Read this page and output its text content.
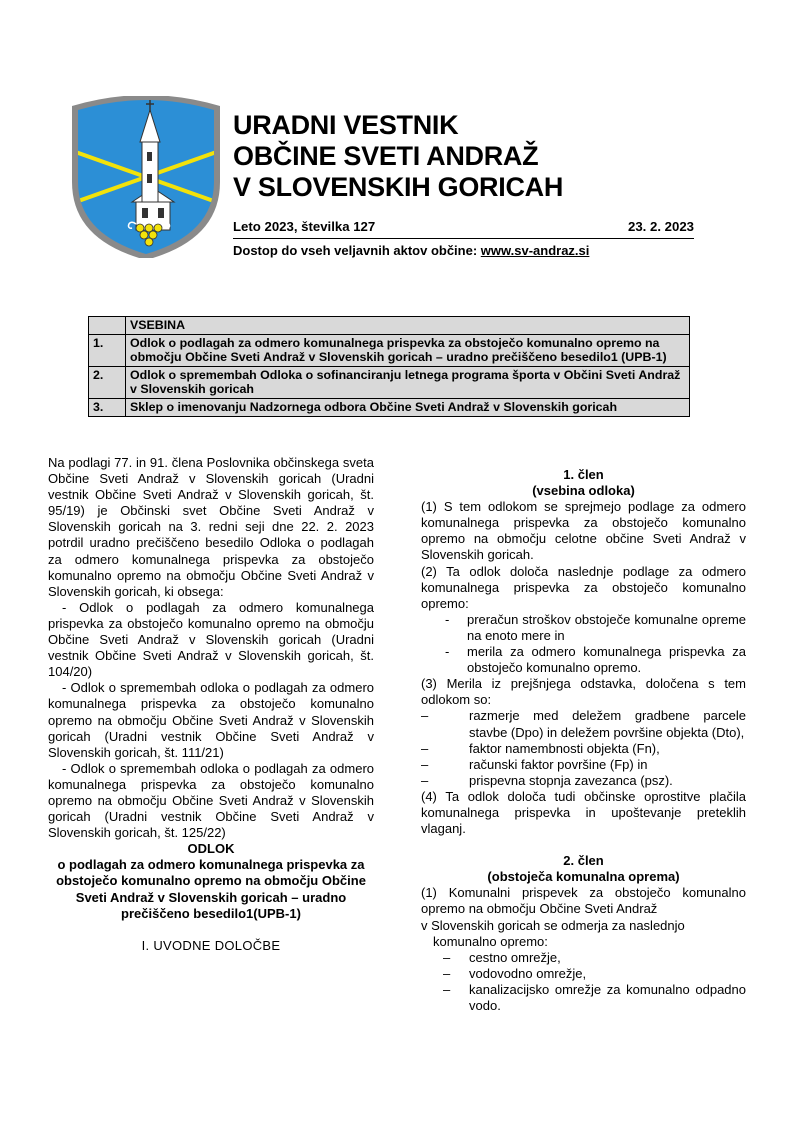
URADNI VESTNIK
OBČINE SVETI ANDRAŽ
V SLOVENSKIH GORICAH
Leto 2023, številka 127	23. 2. 2023
Dostop do vseh veljavnih aktov občine: www.sv-andraz.si
	VSEBINA
1.	Odlok o podlagah za odmero komunalnega prispevka za obstoječo komunalno opremo na območju Občine Sveti Andraž v Slovenskih goricah – uradno prečiščeno besedilo1 (UPB-1)
2.	Odlok o spremembah Odloka o sofinanciranju letnega programa športa v Občini Sveti Andraž v Slovenskih goricah
3.	Sklep o imenovanju Nadzornega odbora Občine Sveti Andraž v Slovenskih goricah

Na podlagi 77. in 91. člena Poslovnika občinskega sveta Občine Sveti Andraž v Slovenskih goricah (Uradni vestnik Občine Sveti Andraž v Slovenskih goricah, št. 95/19) je Občinski svet Občine Sveti Andraž v Slovenskih goricah na 3. redni seji dne 22. 2. 2023 potrdil uradno prečiščeno besedilo Odloka o podlagah za odmero komunalnega prispevka za obstoječo komunalno opremo na območju Občine Sveti Andraž v Slovenskih goricah, ki obsega:

- Odlok o podlagah za odmero komunalnega prispevka za obstoječo komunalno opremo na območju Občine Sveti Andraž v Slovenskih goricah (Uradni vestnik Občine Sveti Andraž v Slovenskih goricah, št. 104/20)

- Odlok o spremembah odloka o podlagah za odmero komunalnega prispevka za obstoječo komunalno opremo na območju Občine Sveti Andraž v Slovenskih goricah (Uradni vestnik Občine Sveti Andraž v Slovenskih goricah, št. 111/21)

- Odlok o spremembah odloka o podlagah za odmero komunalnega prispevka za obstoječo komunalno opremo na območju Občine Sveti Andraž v Slovenskih goricah (Uradni vestnik Občine Sveti Andraž v Slovenskih goricah, št. 125/22)

ODLOK

o podlagah za odmero komunalnega prispevka za obstoječo komunalno opremo na območju Občine Sveti Andraž v Slovenskih goricah – uradno prečiščeno besedilo1(UPB-1)

I. UVODNE DOLOČBE

1. člen

(vsebina odloka)

(1) S tem odlokom se sprejmejo podlage za odmero komunalnega prispevka za obstoječo komunalno opremo na območju celotne občine Sveti Andraž v Slovenskih goricah.

(2) Ta odlok določa naslednje podlage za odmero komunalnega prispevka za obstoječo komunalno opremo:

- preračun stroškov obstoječe komunalne opreme na enoto mere in
- merila za odmero komunalnega prispevka za obstoječo komunalno opremo.

(3) Merila iz prejšnjega odstavka, določena s tem odlokom so:

–	razmerje med deležem gradbene parcele stavbe (Dpo) in deležem površine objekta (Dto),
–	faktor namembnosti objekta (Fn),
–	računski faktor površine (Fp) in
–	prispevna stopnja zavezanca (psz).

(4) Ta odlok določa tudi občinske oprostitve plačila komunalnega prispevka in upoštevanje preteklih vlaganj.

2. člen

(obstoječa komunalna oprema)

(1) Komunalni prispevek za obstoječo komunalno opremo na območju Občine Sveti Andraž

v Slovenskih goricah se odmerja za naslednjo

komunalno opremo:

– cestno omrežje,
– vodovodno omrežje,
– kanalizacijsko omrežje za komunalno odpadno vodo.
